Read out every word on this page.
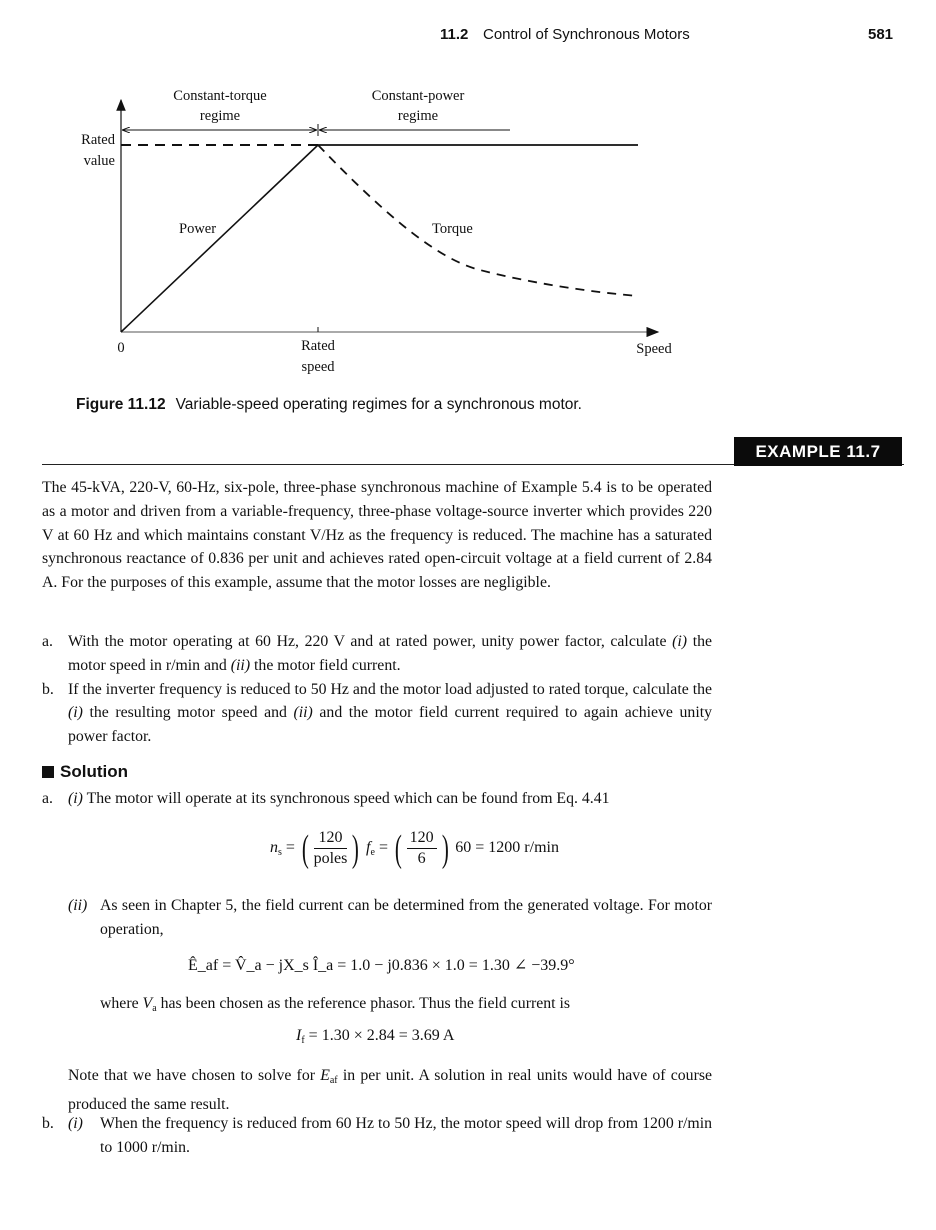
11.2 Control of Synchronous Motors	581
Constant-torque
regime
Constant-power
regime
Rated
value
Power	Torque
0	Rated
speed
Speed
Figure 11.12 Variable-speed operating regimes for a synchronous motor.
EXAMPLE 11.7
The 45-kVA, 220-V, 60-Hz, six-pole, three-phase synchronous machine of Example 5.4 is to be operated as a motor and driven from a variable-frequency, three-phase voltage-source inverter which provides 220 V at 60 Hz and which maintains constant V/Hz as the frequency is reduced. The machine has a saturated synchronous reactance of 0.836 per unit and achieves rated open-circuit voltage at a field current of 2.84 A. For the purposes of this example, assume that the motor losses are negligible.
a. With the motor operating at 60 Hz, 220 V and at rated power, unity power factor, calculate (i) the motor speed in r/min and (ii) the motor field current.
b. If the inverter frequency is reduced to 50 Hz and the motor load adjusted to rated torque, calculate the (i) the resulting motor speed and (ii) and the motor field current required to again achieve unity power factor.
Solution
a. (i) The motor will operate at its synchronous speed which can be found from Eq. 4.41
$n_s$ = ( $\frac{120}{\text{poles}}$ ) $f_e$ = ( $\frac{120}{6}$ ) 60 = 1200 r/min
(ii) As seen in Chapter 5, the field current can be determined from the generated voltage. For motor operation,
Ê_af = V̂_a − jX_s Î_a = 1.0 − j0.836 × 1.0 = 1.30 ∠ −39.9°
where $V_a$ has been chosen as the reference phasor. Thus the field current is
$I_f = 1.30 \times 2.84 = 3.69$ A
Note that we have chosen to solve for $E_{af}$ in per unit. A solution in real units would have of course produced the same result.
b. (i) When the frequency is reduced from 60 Hz to 50 Hz, the motor speed will drop from 1200 r/min to 1000 r/min.
